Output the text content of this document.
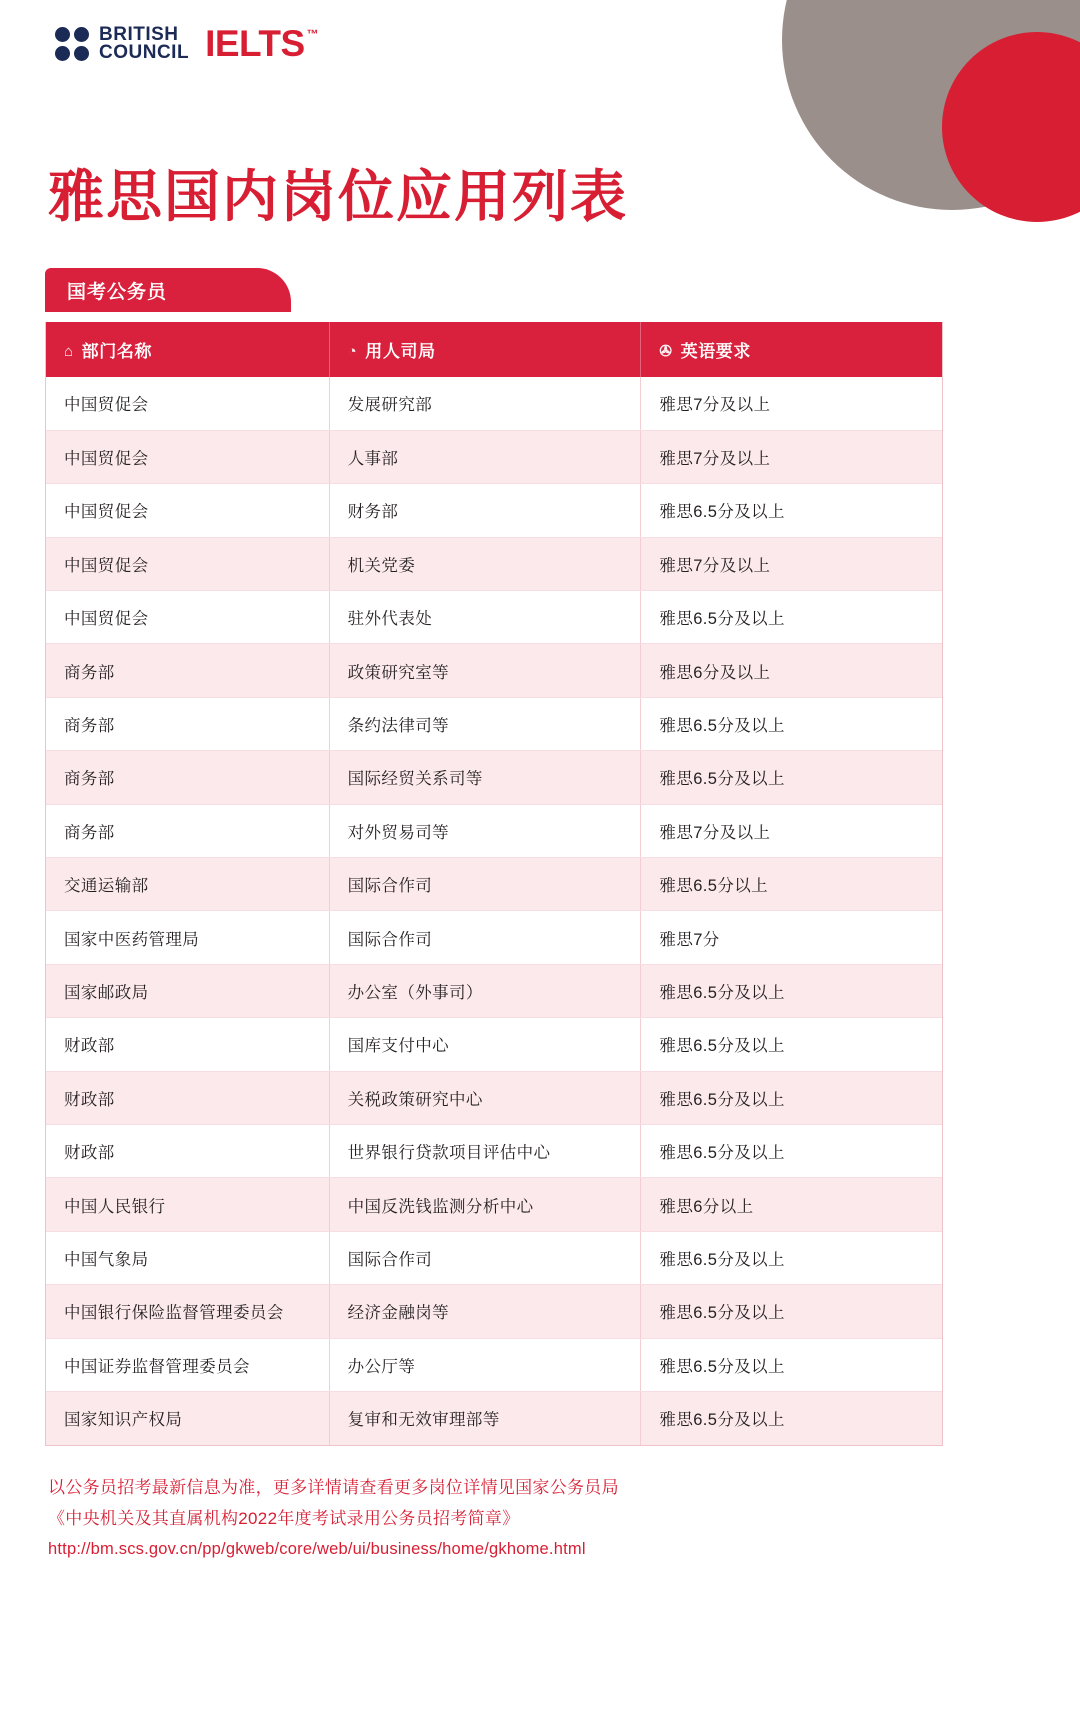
BRITISH
COUNCIL IELTS ™
雅思国内岗位应用列表
国考公务员
⌂ 部门名称	◔ 用人司局	✇ 英语要求
中国贸促会	发展研究部	雅思7分及以上
中国贸促会	人事部	雅思7分及以上
中国贸促会	财务部	雅思6.5分及以上
中国贸促会	机关党委	雅思7分及以上
中国贸促会	驻外代表处	雅思6.5分及以上
商务部	政策研究室等	雅思6分及以上
商务部	条约法律司等	雅思6.5分及以上
商务部	国际经贸关系司等	雅思6.5分及以上
商务部	对外贸易司等	雅思7分及以上
交通运输部	国际合作司	雅思6.5分以上
国家中医药管理局	国际合作司	雅思7分
国家邮政局	办公室（外事司）	雅思6.5分及以上
财政部	国库支付中心	雅思6.5分及以上
财政部	关税政策研究中心	雅思6.5分及以上
财政部	世界银行贷款项目评估中心	雅思6.5分及以上
中国人民银行	中国反洗钱监测分析中心	雅思6分以上
中国气象局	国际合作司	雅思6.5分及以上
中国银行保险监督管理委员会	经济金融岗等	雅思6.5分及以上
中国证券监督管理委员会	办公厅等	雅思6.5分及以上
国家知识产权局	复审和无效审理部等	雅思6.5分及以上
以公务员招考最新信息为准，更多详情请查看更多岗位详情见国家公务员局
《中央机关及其直属机构2022年度考试录用公务员招考简章》
http://bm.scs.gov.cn/pp/gkweb/core/web/ui/business/home/gkhome.html
